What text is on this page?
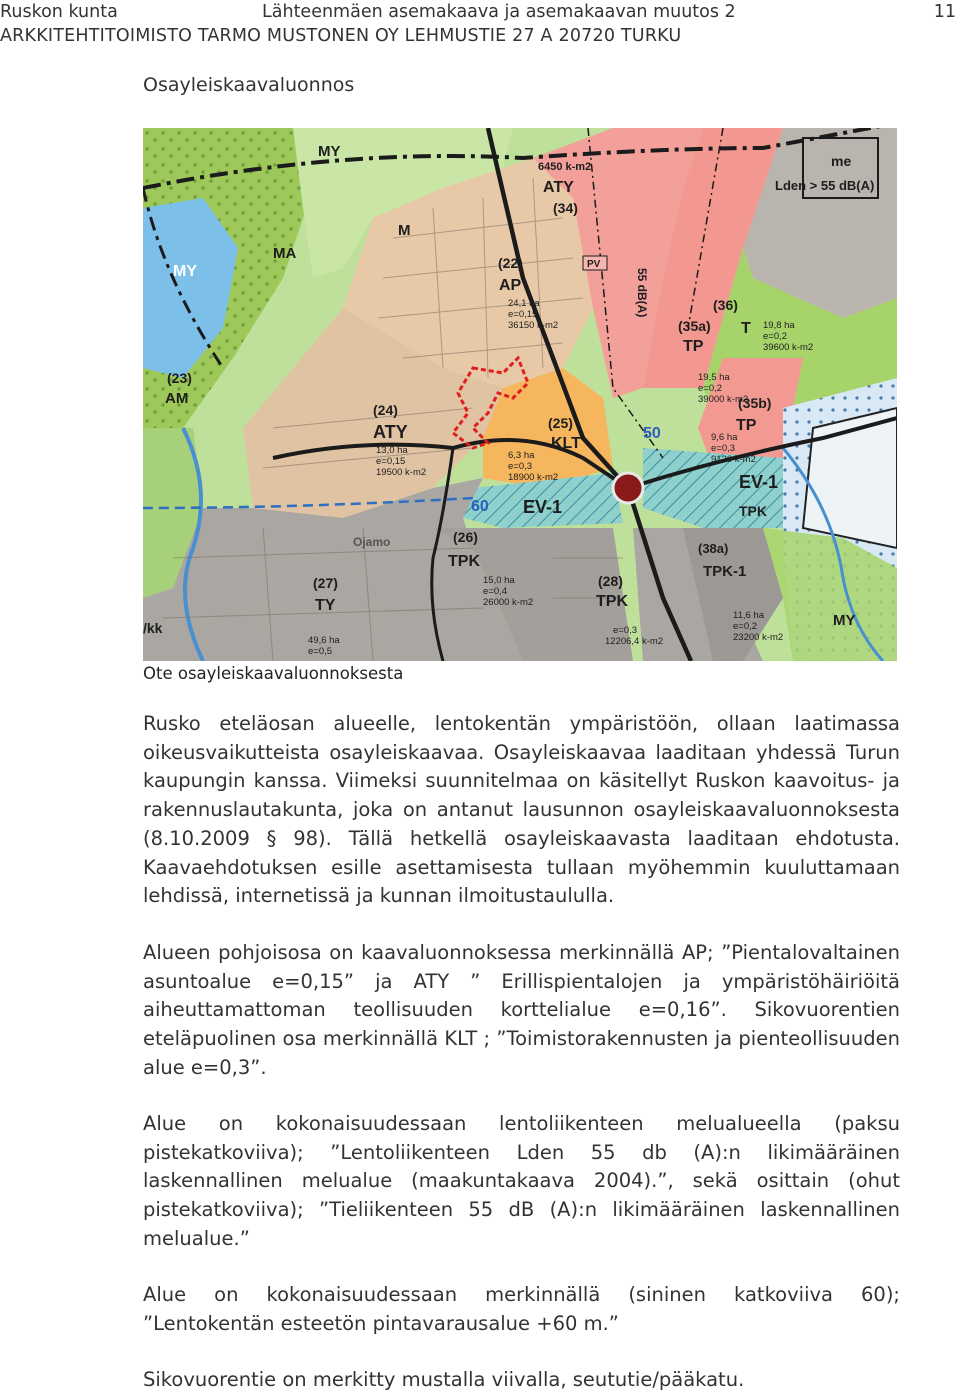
Ruskon kunta	Lähteenmäen asemakaava ja asemakaavan muutos 2	11
ARKKITEHTITOIMISTO TARMO MUSTONEN OY LEHMUSTIE 27 A 20720 TURKU
Osayleiskaavaluonnos
MY
MA
M
MY
(23)
AM
(22)
AP
6450 k-m2
ATY
(34)
PV
55 dB(A)	(36)
(35a)
TP
T
(24)
ATY	(25)
KLT
(35b)
TP
50
60 EV-1
EV-1
TPK
(26)
TPK
(38a)
TPK-1
(27)
TY
(28)
TPK
/kk	MY
Ojamo
me
Lden > 55 dB(A)
24,1 ha
e=0,15
36150 k-m2
13,0 ha
e=0,15
19500 k-m2
6,3 ha
e=0,3
18900 k-m2
19,8 ha
e=0,2
39600 k-m2
19,5 ha
e=0,2
39000 k-m2
9,6 ha
e=0,3
9120 k-m2
15,0 ha
e=0,4
26000 k-m2
49,6 ha
e=0,5
11,6 ha
e=0,2
23200 k-m2
e=0,3
12206,4 k-m2
Ote osayleiskaavaluonnoksesta
Rusko eteläosan alueelle, lentokentän ympäristöön, ollaan laatimassa oikeusvaikutteista osayleiskaavaa. Osayleiskaavaa laaditaan yhdessä Turun kaupungin kanssa. Viimeksi suunnitelmaa on käsitellyt Ruskon kaavoitus- ja rakennuslautakunta, joka on antanut lausunnon osayleiskaavaluonnoksesta (8.10.2009 § 98). Tällä hetkellä osayleiskaavasta laaditaan ehdotusta. Kaavaehdotuksen esille asettamisesta tullaan myöhemmin kuuluttamaan lehdissä, internetissä ja kunnan ilmoitustaululla.
Alueen pohjoisosa on kaavaluonnoksessa merkinnällä AP; ”Pientalovaltainen asuntoalue e=0,15” ja ATY ” Erillispientalojen ja ympäristöhäiriöitä aiheuttamattoman teollisuuden korttelialue e=0,16”. Sikovuorentien eteläpuolinen osa merkinnällä KLT ; ”Toimistorakennusten ja pienteollisuuden alue e=0,3”.
Alue on kokonaisuudessaan lentoliikenteen melualueella (paksu pistekatkoviiva); ”Lentoliikenteen Lden 55 db (A):n likimääräinen laskennallinen melualue (maakuntakaava 2004).”, sekä osittain (ohut pistekatkoviiva); ”Tieliikenteen 55 dB (A):n likimääräinen laskennallinen melualue.”
Alue on kokonaisuudessaan merkinnällä (sininen katkoviiva 60); ”Lentokentän esteetön pintavarausalue +60 m.”
Sikovuorentie on merkitty mustalla viivalla, seututie/pääkatu.
